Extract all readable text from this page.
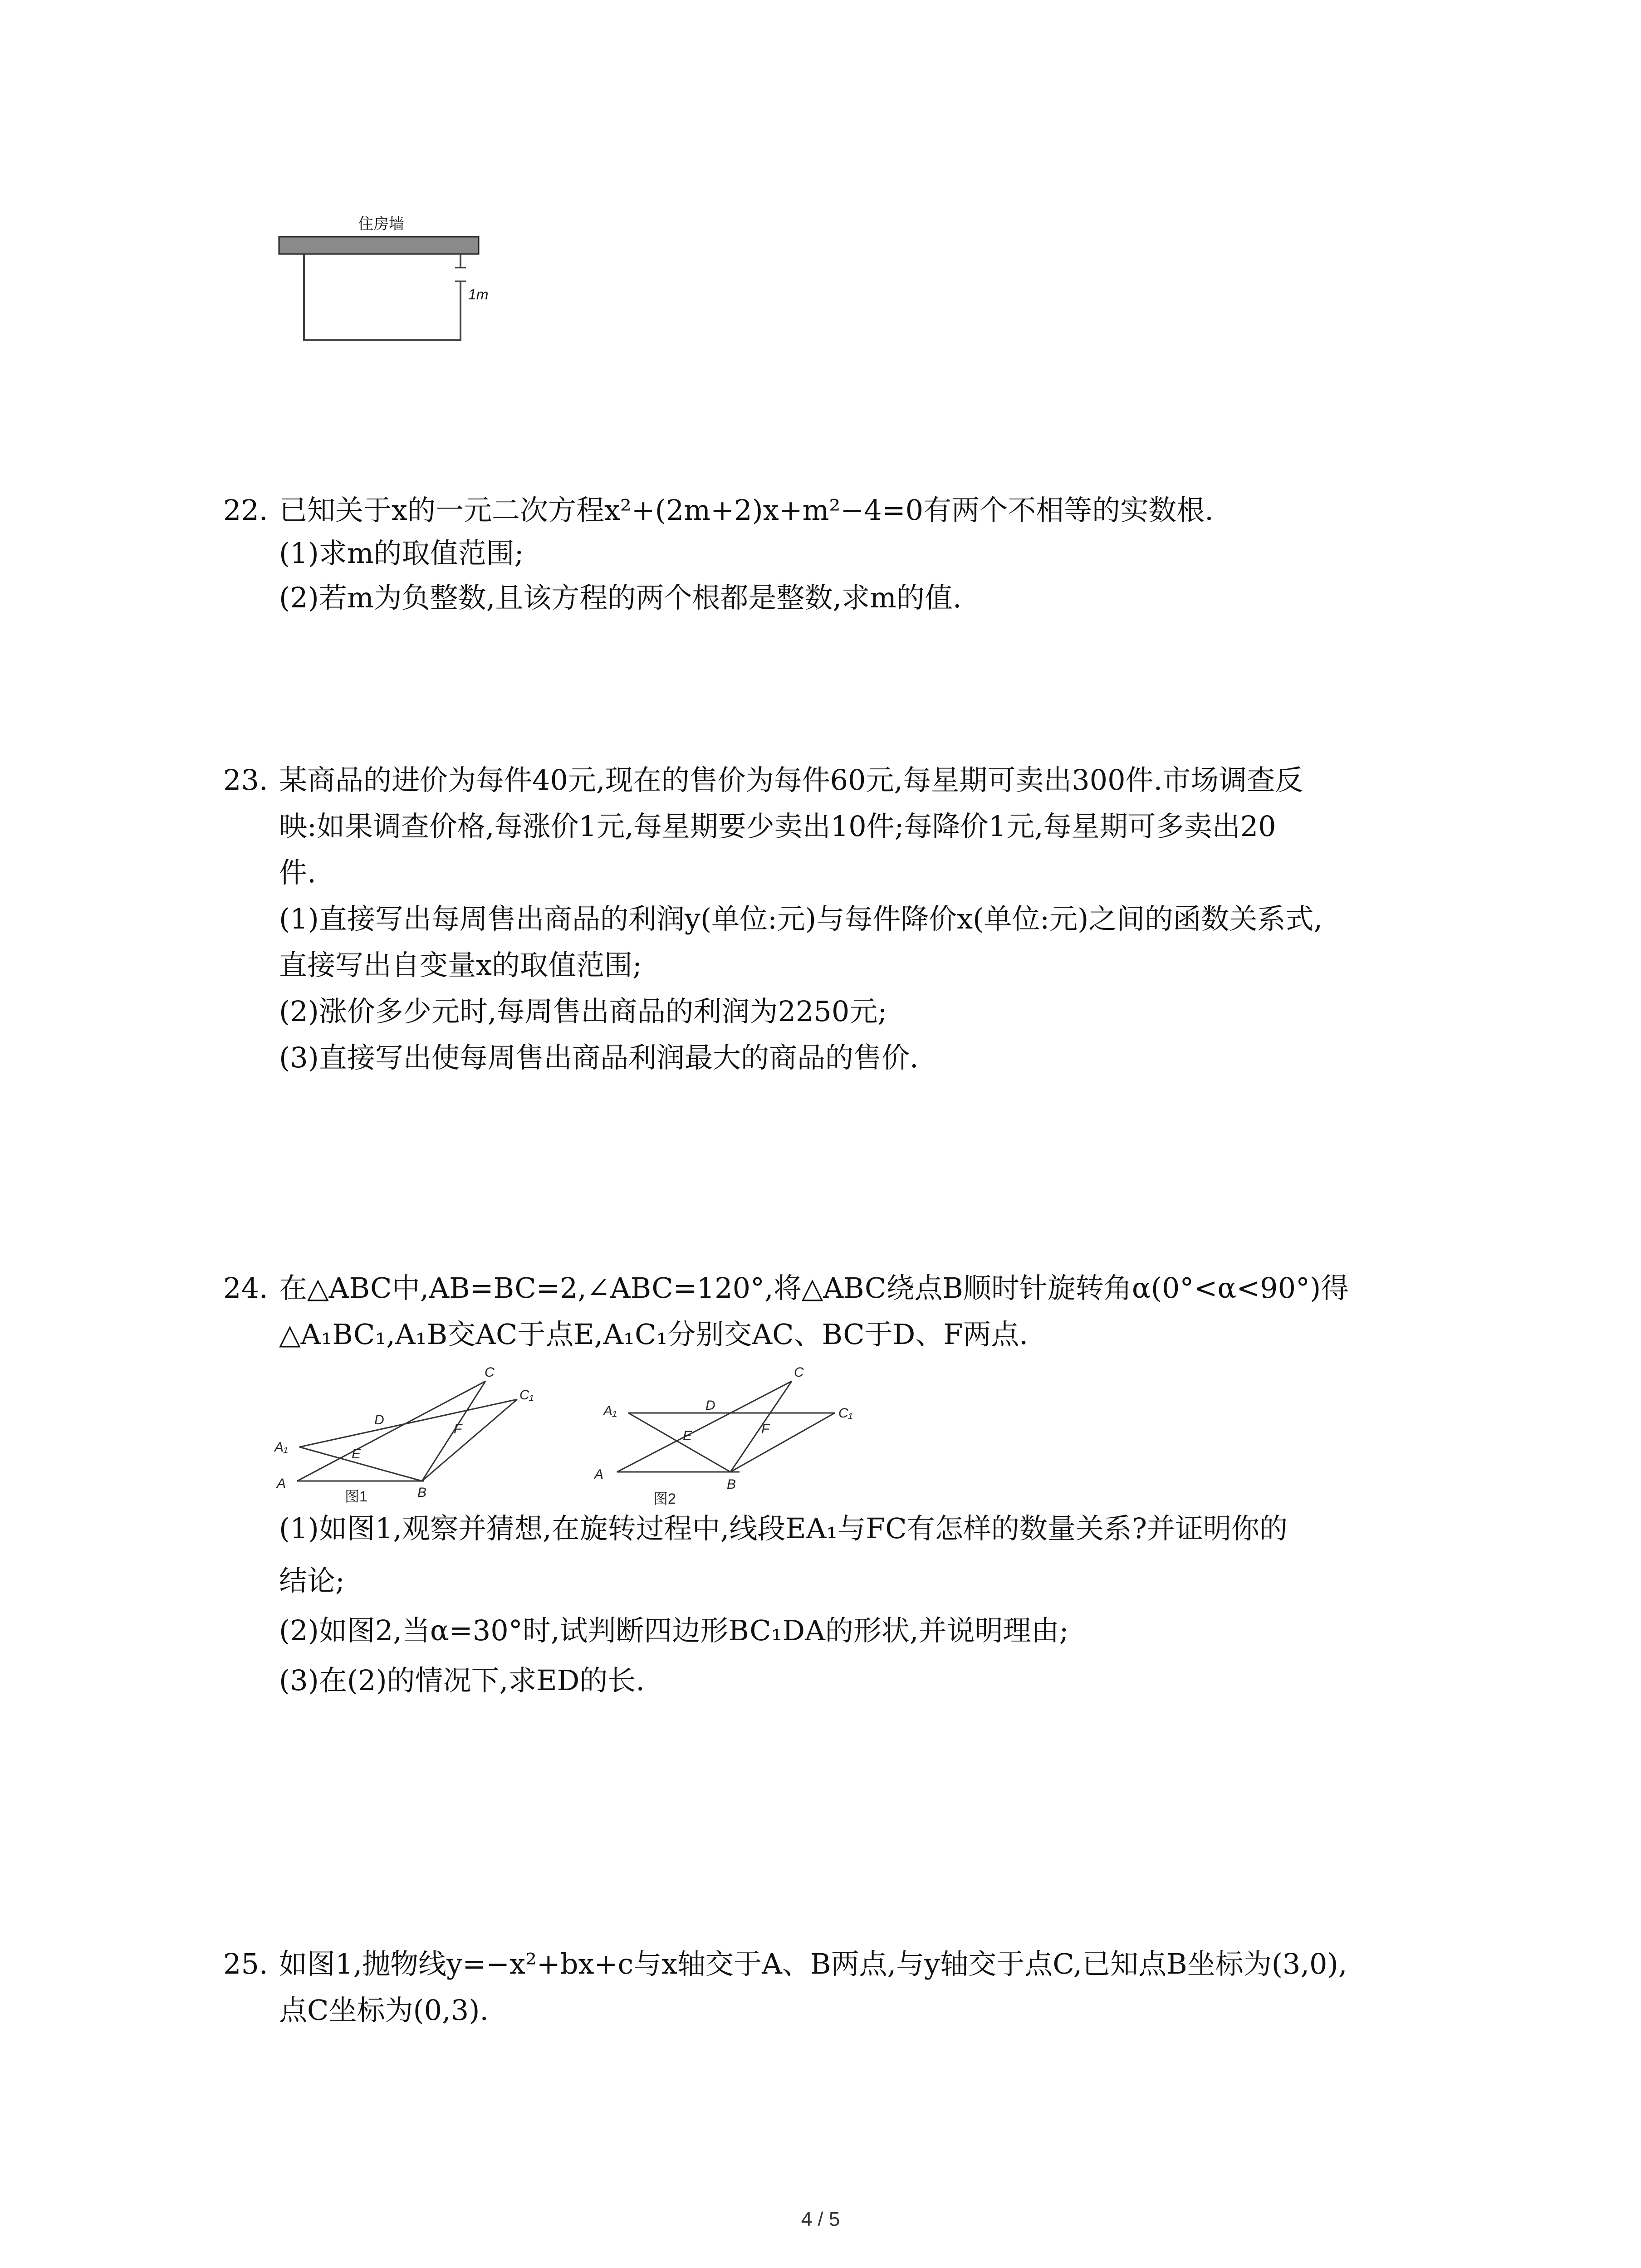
住房墙
1m
22. 已知关于x的一元二次方程x²+(2m+2)x+m²−4=0有两个不相等的实数根.
(1)求m的取值范围;
(2)若m为负整数,且该方程的两个根都是整数,求m的值.
23. 某商品的进价为每件40元,现在的售价为每件60元,每星期可卖出300件.市场调查反
映:如果调查价格,每涨价1元,每星期要少卖出10件;每降价1元,每星期可多卖出20
件.
(1)直接写出每周售出商品的利润y(单位:元)与每件降价x(单位:元)之间的函数关系式,
直接写出自变量x的取值范围;
(2)涨价多少元时,每周售出商品的利润为2250元;
(3)直接写出使每周售出商品利润最大的商品的售价.
24. 在△ABC中,AB=BC=2,∠ABC=120°,将△ABC绕点B顺时针旋转角α(0°<α<90°)得
△A₁BC₁,A₁B交AC于点E,A₁C₁分别交AC、BC于D、F两点.
A
A₁
B
C
C₁
D
E
F
图1
A
A₁
B
C
C₁
D
E	F
图2
(1)如图1,观察并猜想,在旋转过程中,线段EA₁与FC有怎样的数量关系?并证明你的
结论;
(2)如图2,当α=30°时,试判断四边形BC₁DA的形状,并说明理由;
(3)在(2)的情况下,求ED的长.
25. 如图1,抛物线y=−x²+bx+c与x轴交于A、B两点,与y轴交于点C,已知点B坐标为(3,0),
点C坐标为(0,3).
4 / 5
